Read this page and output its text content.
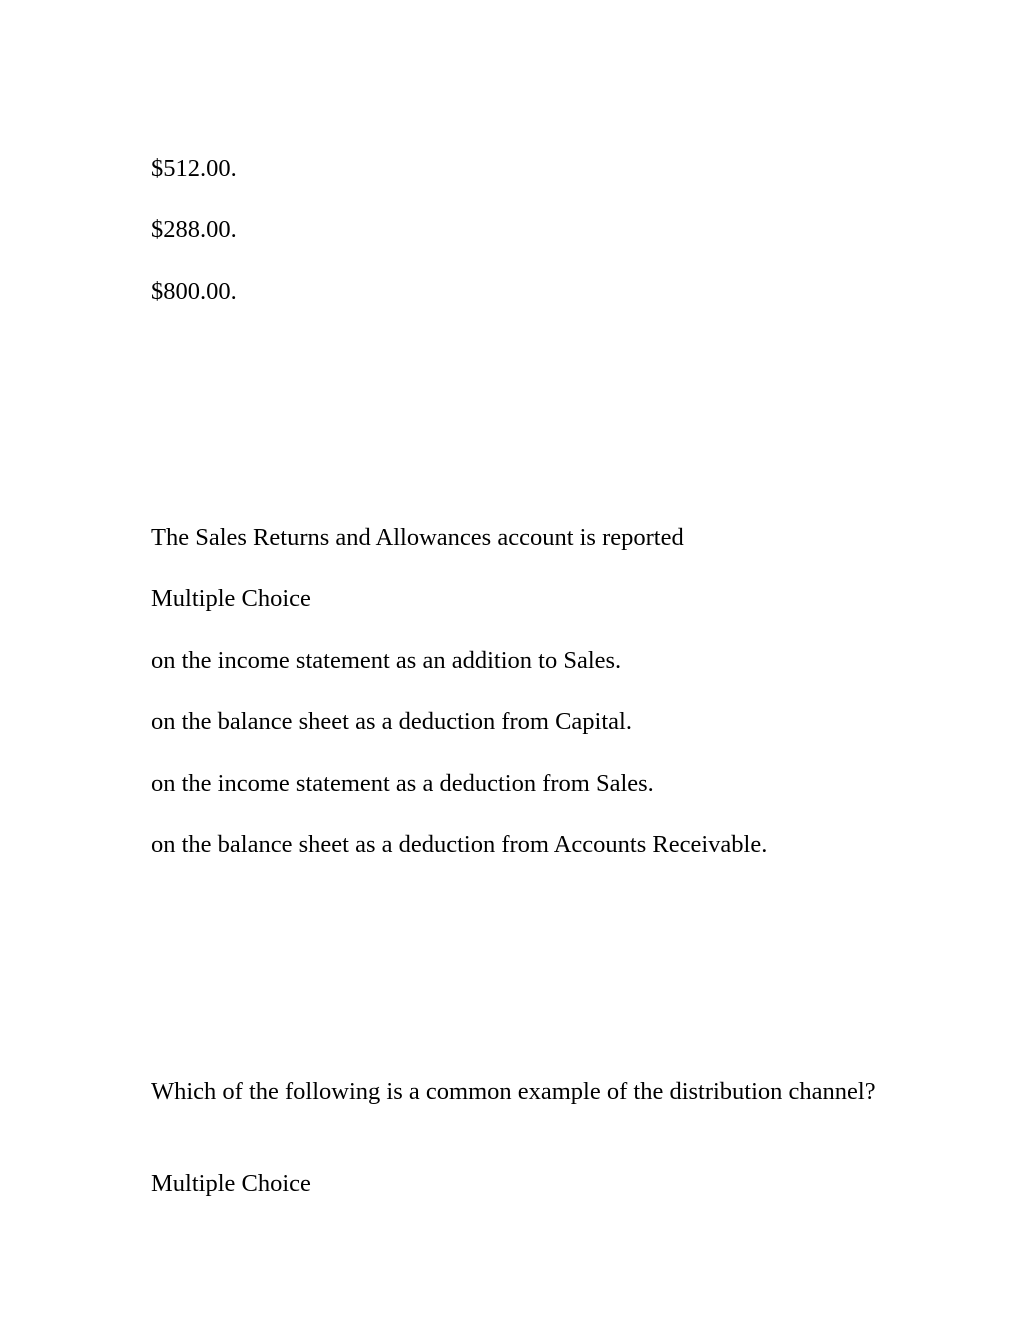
$512.00.

$288.00.

$800.00.

The Sales Returns and Allowances account is reported

Multiple Choice

on the income statement as an addition to Sales.

on the balance sheet as a deduction from Capital.

on the income statement as a deduction from Sales.

on the balance sheet as a deduction from Accounts Receivable.

Which of the following is a common example of the distribution channel?

Multiple Choice
